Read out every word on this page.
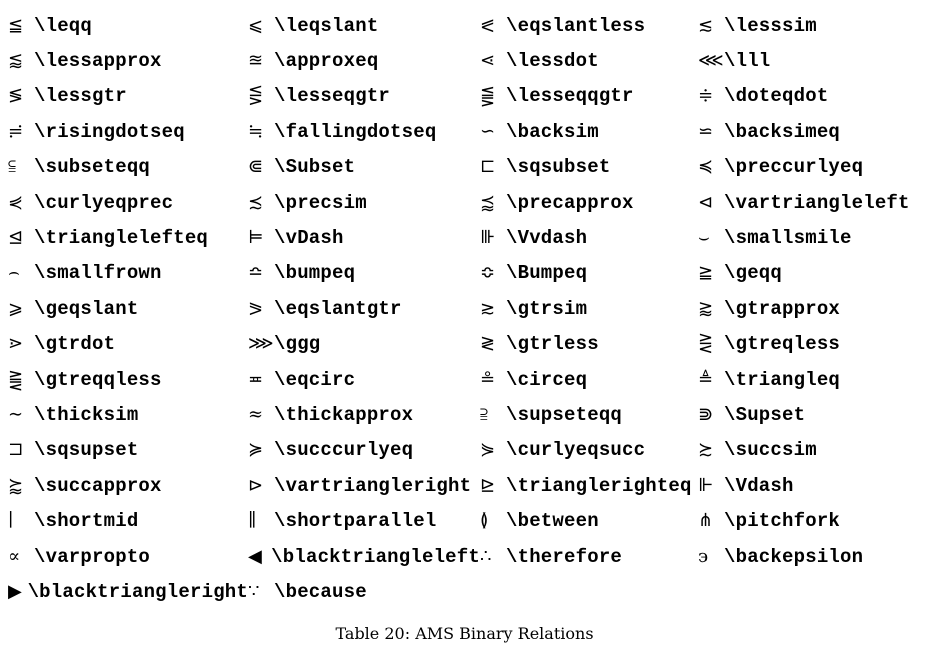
≦ \leqq	⩽ \leqslant	⪕ \eqslantless	≲ \lesssim
⪅ \lessapprox	≊ \approxeq	⋖ \lessdot	⋘ \lll
≶ \lessgtr	⋚ \lesseqgtr	⪋ \lesseqqgtr	≑ \doteqdot
≓ \risingdotseq	≒ \fallingdotseq ∽ \backsim	⋍ \backsimeq
⫅ \subseteqq	⋐ \Subset	⊏ \sqsubset	≼ \preccurlyeq
⋞ \curlyeqprec	≾ \precsim	⪷ \precapprox	⊲ \vartriangleleft
⊴ \trianglelefteq ⊨ \vDash	⊪ \Vvdash	⌣ \smallsmile
⌢ \smallfrown	≏ \bumpeq	≎ \Bumpeq	≧ \geqq
⩾ \geqslant	⪖ \eqslantgtr	≳ \gtrsim	⪆ \gtrapprox
⋗ \gtrdot	⋙ \ggg	≷ \gtrless	⋛ \gtreqless
⪌ \gtreqqless	≖ \eqcirc	≗ \circeq	≜ \triangleq
∼ \thicksim	≈ \thickapprox	⫆ \supseteqq	⋑ \Supset
⊐ \sqsupset	≽ \succcurlyeq	⋟ \curlyeqsucc	≿ \succsim
⪸ \succapprox	⊳ \vartriangleright ⊵ \trianglerighteq ⊩ \Vdash
∣	\shortmid	∥ \shortparallel ≬ \between	⋔ \pitchfork
∝ \varpropto	◀ \blacktriangleleft ∴ \therefore	϶ \backepsilon
▶ \blacktriangleright ∵ \because
Table 20: AMS Binary Relations
